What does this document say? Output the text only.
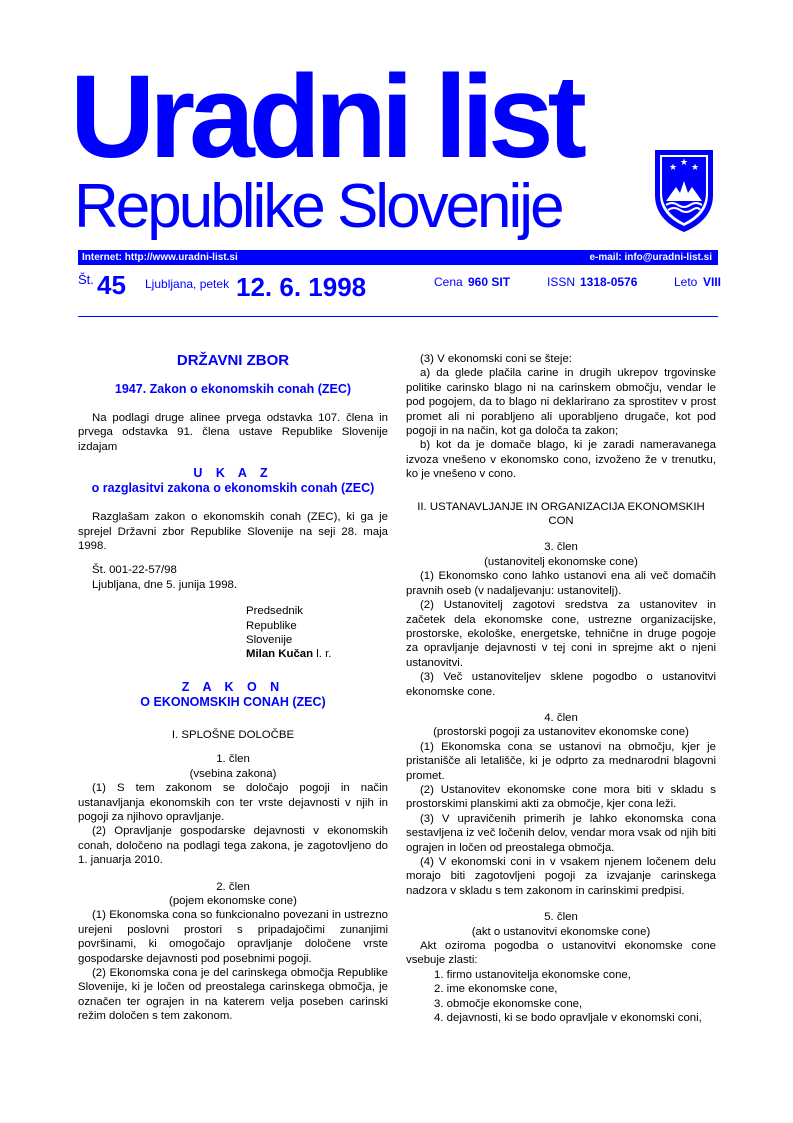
Uradni list
Republike Slovenije
★ ★ ★
Internet: http://www.uradni-list.si	e-mail: info@uradni-list.si
Št. 45 Ljubljana, petek 12. 6. 1998	Cena 960 SIT	ISSN 1318-0576	Leto VIII
DRŽAVNI ZBOR
1947. Zakon o ekonomskih conah (ZEC)

Na podlagi druge alinee prvega odstavka 107. člena in prvega odstavka 91. člena ustave Republike Slovenije izdajam

U K A Z
o razglasitvi zakona o ekonomskih conah (ZEC)

Razglašam zakon o ekonomskih conah (ZEC), ki ga je sprejel Državni zbor Republike Slovenije na seji 28. maja 1998.

Št. 001-22-57/98

Ljubljana, dne 5. junija 1998.

Predsednik

Republike Slovenije

Milan Kučan l. r.

Z A K O N
O EKONOMSKIH CONAH (ZEC)

I. SPLOŠNE DOLOČBE

1. člen

(vsebina zakona)

(1) S tem zakonom se določajo pogoji in način ustanavljanja ekonomskih con ter vrste dejavnosti v njih in pogoji za njihovo opravljanje.

(2) Opravljanje gospodarske dejavnosti v ekonomskih conah, določeno na podlagi tega zakona, je zagotovljeno do 1. januarja 2010.

2. člen

(pojem ekonomske cone)

(1) Ekonomska cona so funkcionalno povezani in ustrezno urejeni poslovni prostori s pripadajočimi zunanjimi površinami, ki omogočajo opravljanje določene vrste gospodarske dejavnosti pod posebnimi pogoji.

(2) Ekonomska cona je del carinskega območja Republike Slovenije, ki je ločen od preostalega carinskega območja, je označen ter ograjen in na katerem velja poseben carinski režim določen s tem zakonom.

(3) V ekonomski coni se šteje:

a) da glede plačila carine in drugih ukrepov trgovinske politike carinsko blago ni na carinskem območju, vendar le pod pogojem, da to blago ni deklarirano za sprostitev v prost promet ali ni porabljeno ali uporabljeno drugače, kot pod pogoji in na način, kot ga določa ta zakon;

b) kot da je domače blago, ki je zaradi nameravanega izvoza vnešeno v ekonomsko cono, izvoženo že v trenutku, ko je vnešeno v cono.

II. USTANAVLJANJE IN ORGANIZACIJA EKONOMSKIH CON

3. člen

(ustanovitelj ekonomske cone)

(1) Ekonomsko cono lahko ustanovi ena ali več domačih pravnih oseb (v nadaljevanju: ustanovitelj).

(2) Ustanovitelj zagotovi sredstva za ustanovitev in začetek dela ekonomske cone, ustrezne organizacijske, prostorske, ekološke, energetske, tehnične in druge pogoje za opravljanje dejavnosti v tej coni in sprejme akt o njeni ustanovitvi.

(3) Več ustanoviteljev sklene pogodbo o ustanovitvi ekonomske cone.

4. člen

(prostorski pogoji za ustanovitev ekonomske cone)

(1) Ekonomska cona se ustanovi na območju, kjer je pristanišče ali letališče, ki je odprto za mednarodni blagovni promet.

(2) Ustanovitev ekonomske cone mora biti v skladu s prostorskimi planskimi akti za območje, kjer cona leži.

(3) V upravičenih primerih je lahko ekonomska cona sestavljena iz več ločenih delov, vendar mora vsak od njih biti ograjen in ločen od preostalega območja.

(4) V ekonomski coni in v vsakem njenem ločenem delu morajo biti zagotovljeni pogoji za izvajanje carinskega nadzora v skladu s tem zakonom in carinskimi predpisi.

5. člen

(akt o ustanovitvi ekonomske cone)

Akt oziroma pogodba o ustanovitvi ekonomske cone vsebuje zlasti:

1. firmo ustanovitelja ekonomske cone,

2. ime ekonomske cone,

3. območje ekonomske cone,

4. dejavnosti, ki se bodo opravljale v ekonomski coni,
